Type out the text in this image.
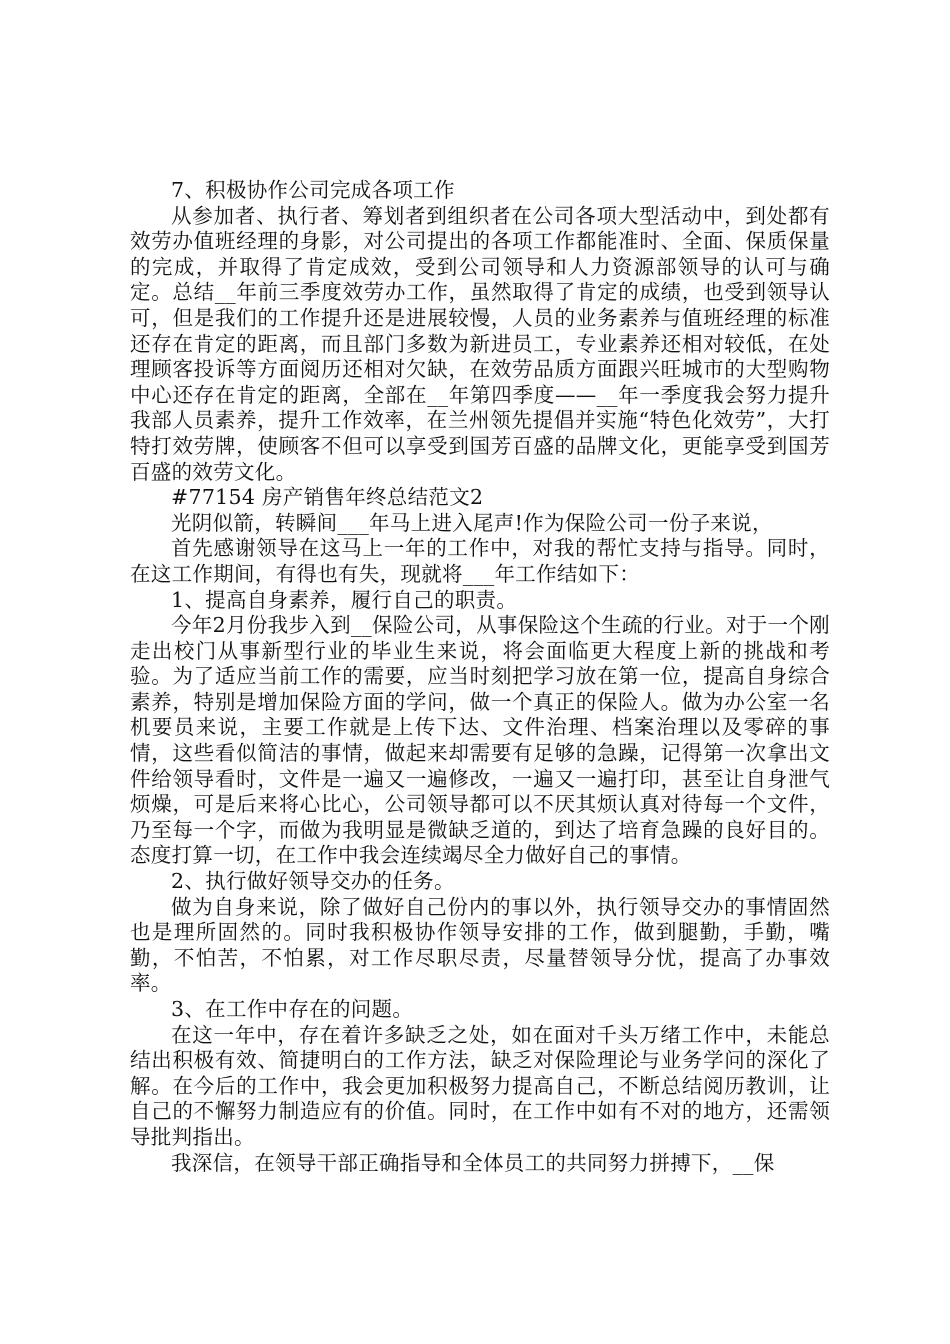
7、积极协作公司完成各项工作

从参加者、执行者、筹划者到组织者在公司各项大型活动中，到处都有效劳办值班经理的身影，对公司提出的各项工作都能准时、全面、保质保量的完成，并取得了肯定成效，受到公司领导和人力资源部领导的认可与确定。总结__年前三季度效劳办工作，虽然取得了肯定的成绩，也受到领导认可，但是我们的工作提升还是进展较慢，人员的业务素养与值班经理的标准还存在肯定的距离，而且部门多数为新进员工，专业素养还相对较低，在处理顾客投诉等方面阅历还相对欠缺，在效劳品质方面跟兴旺城市的大型购物中心还存在肯定的距离，全部在__年第四季度——__年一季度我会努力提升我部人员素养，提升工作效率，在兰州领先提倡并实施“特色化效劳”，大打特打效劳牌，使顾客不但可以享受到国芳百盛的品牌文化，更能享受到国芳百盛的效劳文化。

#77154 房产销售年终总结范文2

光阴似箭，转瞬间___年马上进入尾声!作为保险公司一份子来说，

首先感谢领导在这马上一年的工作中，对我的帮忙支持与指导。同时，在这工作期间，有得也有失，现就将___年工作结如下：

1、提高自身素养，履行自己的职责。

今年2月份我步入到__保险公司，从事保险这个生疏的行业。对于一个刚走出校门从事新型行业的毕业生来说，将会面临更大程度上新的挑战和考验。为了适应当前工作的需要，应当时刻把学习放在第一位，提高自身综合素养，特别是增加保险方面的学问，做一个真正的保险人。做为办公室一名机要员来说，主要工作就是上传下达、文件治理、档案治理以及零碎的事情，这些看似简洁的事情，做起来却需要有足够的急躁，记得第一次拿出文件给领导看时，文件是一遍又一遍修改，一遍又一遍打印，甚至让自身泄气烦燥，可是后来将心比心，公司领导都可以不厌其烦认真对待每一个文件，乃至每一个字，而做为我明显是微缺乏道的，到达了培育急躁的良好目的。态度打算一切，在工作中我会连续竭尽全力做好自己的事情。

2、执行做好领导交办的任务。

做为自身来说，除了做好自己份内的事以外，执行领导交办的事情固然也是理所固然的。同时我积极协作领导安排的工作，做到腿勤，手勤，嘴勤，不怕苦，不怕累，对工作尽职尽责，尽量替领导分忧，提高了办事效率。

3、在工作中存在的问题。

在这一年中，存在着许多缺乏之处，如在面对千头万绪工作中，未能总结出积极有效、简捷明白的工作方法，缺乏对保险理论与业务学问的深化了解。在今后的工作中，我会更加积极努力提高自己，不断总结阅历教训，让自己的不懈努力制造应有的价值。同时，在工作中如有不对的地方，还需领导批判指出。

我深信，在领导干部正确指导和全体员工的共同努力拼搏下，__保
